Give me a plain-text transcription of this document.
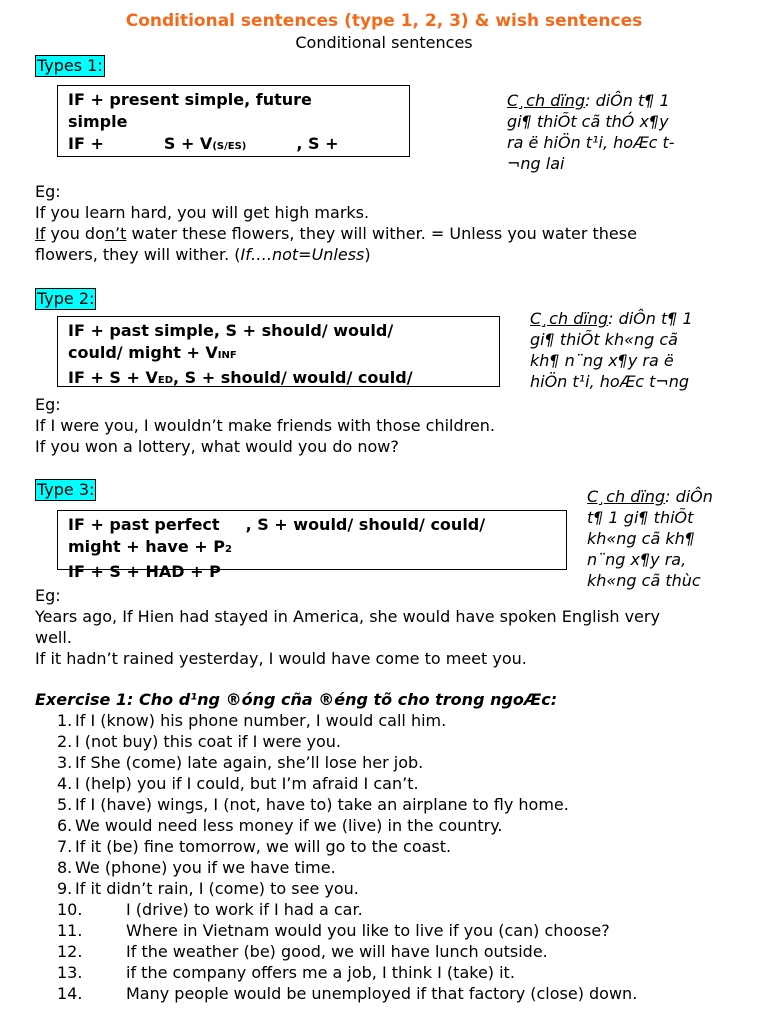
Conditional sentences (type 1, 2, 3) & wish sentences
Conditional sentences
Types 1:
IF + present simple, future
simple
IF +	S + V(S/ES)	, S +
C¸ch dïng: diÔn t¶ 1
gi¶ thiÕt cã thÓ x¶y
ra ë hiÖn t¹i, hoÆc t-
¬ng lai
Eg:
If you learn hard, you will get high marks.
If you don’t water these flowers, they will wither. = Unless you water these
flowers, they will wither. (If….not=Unless)
Type 2:
IF + past simple, S + should/ would/
could/ might + VINF
IF + S + VED, S + should/ would/ could/
C¸ch dïng: diÔn t¶ 1
gi¶ thiÕt kh«ng cã
kh¶ n¨ng x¶y ra ë
hiÖn t¹i, hoÆc t¬ng
Eg:
If I were you, I wouldn’t make friends with those children.
If you won a lottery, what would you do now?
Type 3:
IF + past perfect , S + would/ should/ could/
might + have + P2
IF + S + HAD + P
C¸ch dïng: diÔn
t¶ 1 gi¶ thiÕt
kh«ng cã kh¶
n¨ng x¶y ra,
kh«ng cã thùc
Eg:
Years ago, If Hien had stayed in America, she would have spoken English very
well.
If it hadn’t rained yesterday, I would have come to meet you.
Exercise 1: Cho d¹ng ®óng cña ®éng tõ cho trong ngoÆc:
1. If I (know) his phone number, I would call him.
2. I (not buy) this coat if I were you.
3. If She (come) late again, she’ll lose her job.
4. I (help) you if I could, but I’m afraid I can’t.
5. If I (have) wings, I (not, have to) take an airplane to fly home.
6. We would need less money if we (live) in the country.
7. If it (be) fine tomorrow, we will go to the coast.
8. We (phone) you if we have time.
9. If it didn’t rain, I (come) to see you.
10.	I (drive) to work if I had a car.
11.	Where in Vietnam would you like to live if you (can) choose?
12.	If the weather (be) good, we will have lunch outside.
13.	if the company offers me a job, I think I (take) it.
14.	Many people would be unemployed if that factory (close) down.
